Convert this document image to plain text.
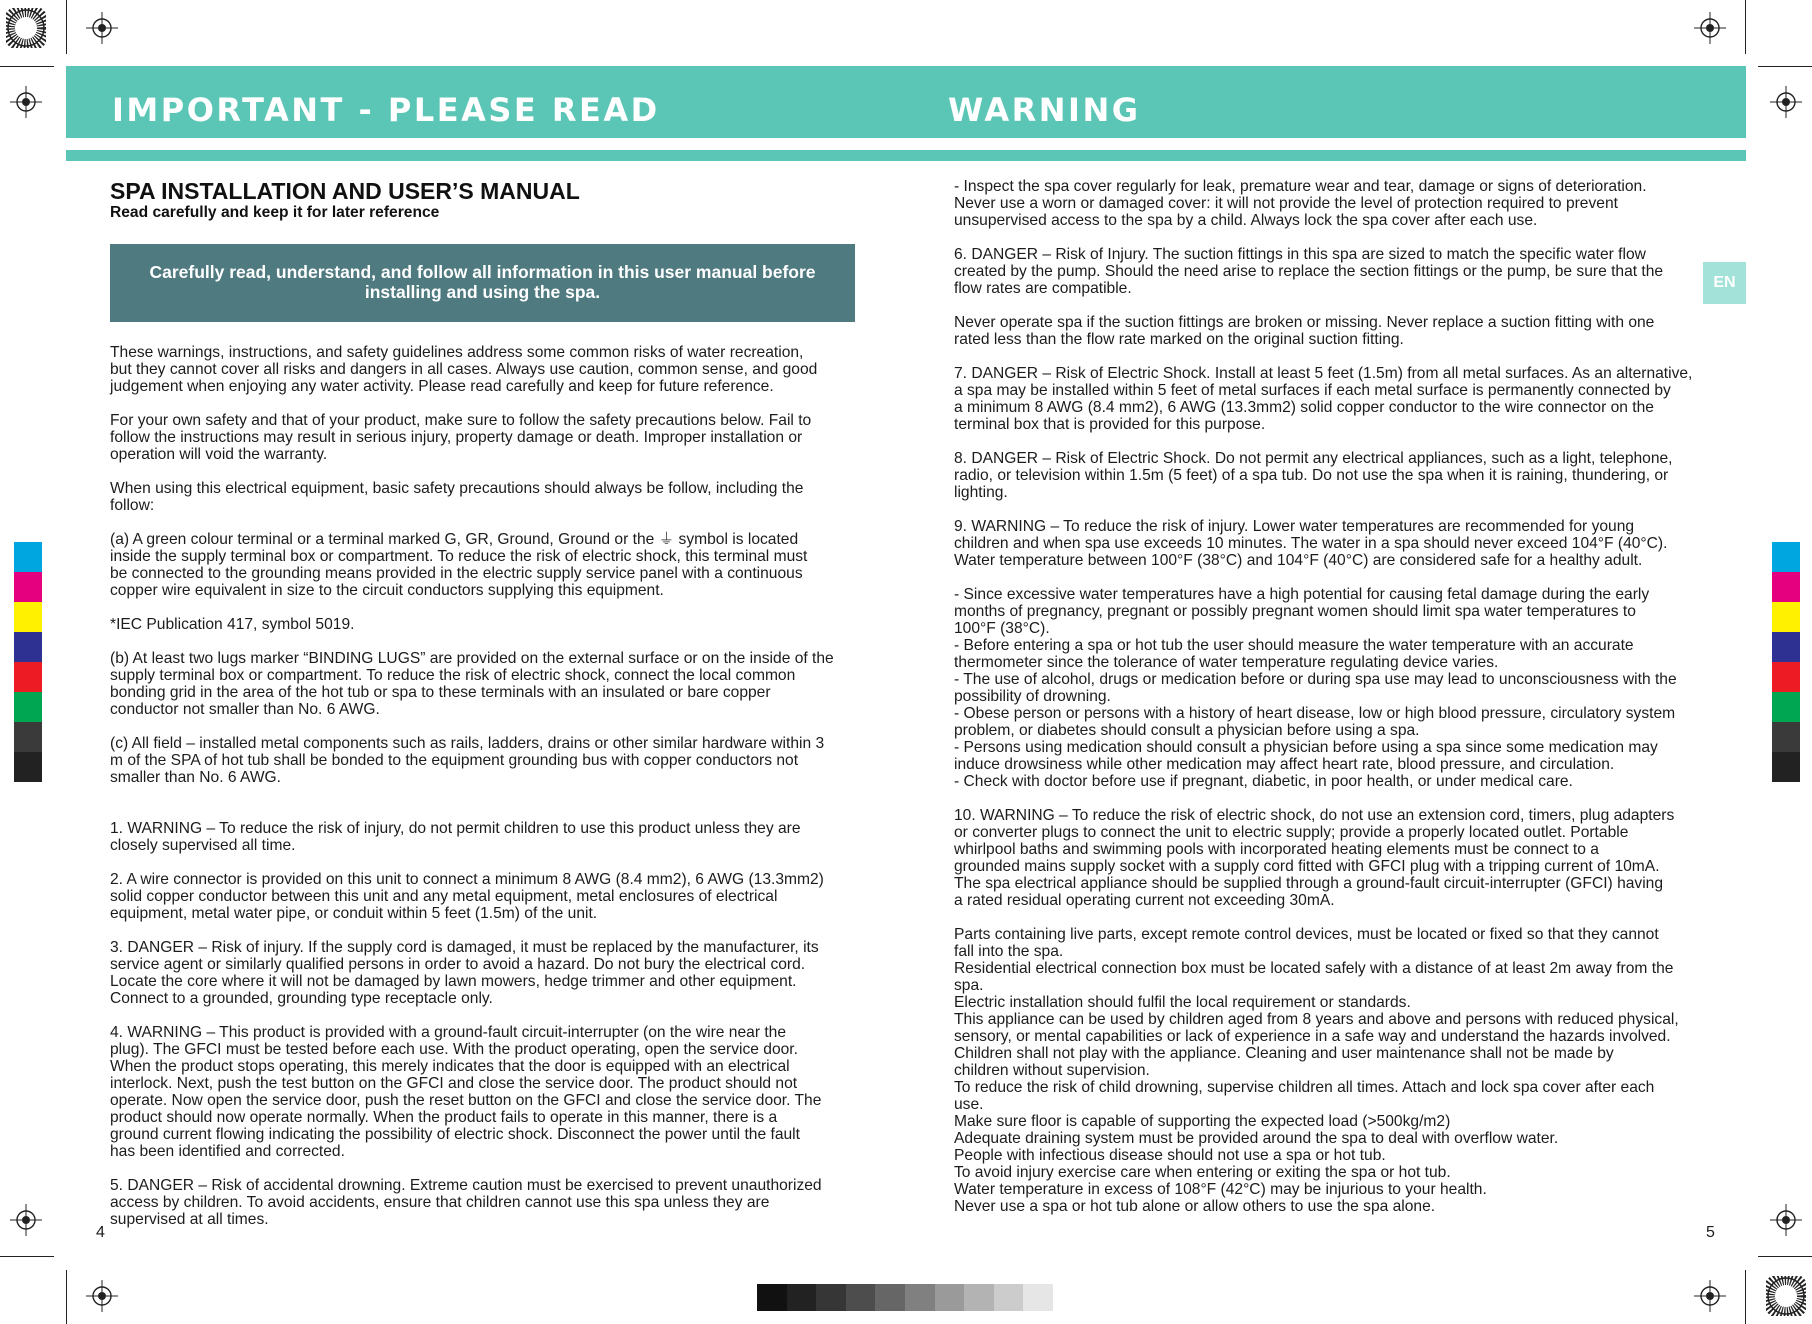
IMPORTANT - PLEASE READ	WARNING
EN
SPA INSTALLATION AND USER’S MANUAL
Read carefully and keep it for later reference
Carefully read, understand, and follow all information in this user manual before installing and using the spa.

These warnings, instructions, and safety guidelines address some common risks of water recreation,
but they cannot cover all risks and dangers in all cases. Always use caution, common sense, and good
judgement when enjoying any water activity. Please read carefully and keep for future reference.

For your own safety and that of your product, make sure to follow the safety precautions below. Fail to
follow the instructions may result in serious injury, property damage or death. Improper installation or
operation will void the warranty.

When using this electrical equipment, basic safety precautions should always be follow, including the
follow:

(a) A green colour terminal or a terminal marked G, GR, Ground, Ground or the ⏚ symbol is located
inside the supply terminal box or compartment. To reduce the risk of electric shock, this terminal must
be connected to the grounding means provided in the electric supply service panel with a continuous
copper wire equivalent in size to the circuit conductors supplying this equipment.

*IEC Publication 417, symbol 5019.

(b) At least two lugs marker “BINDING LUGS” are provided on the external surface or on the inside of the
supply terminal box or compartment. To reduce the risk of electric shock, connect the local common
bonding grid in the area of the hot tub or spa to these terminals with an insulated or bare copper
conductor not smaller than No. 6 AWG.

(c) All field – installed metal components such as rails, ladders, drains or other similar hardware within 3
m of the SPA of hot tub shall be bonded to the equipment grounding bus with copper conductors not
smaller than No. 6 AWG.

1. WARNING – To reduce the risk of injury, do not permit children to use this product unless they are
closely supervised all time.

2. A wire connector is provided on this unit to connect a minimum 8 AWG (8.4 mm2), 6 AWG (13.3mm2)
solid copper conductor between this unit and any metal equipment, metal enclosures of electrical
equipment, metal water pipe, or conduit within 5 feet (1.5m) of the unit.

3. DANGER – Risk of injury. If the supply cord is damaged, it must be replaced by the manufacturer, its
service agent or similarly qualified persons in order to avoid a hazard. Do not bury the electrical cord.
Locate the core where it will not be damaged by lawn mowers, hedge trimmer and other equipment.
Connect to a grounded, grounding type receptacle only.

4. WARNING – This product is provided with a ground-fault circuit-interrupter (on the wire near the
plug). The GFCI must be tested before each use. With the product operating, open the service door.
When the product stops operating, this merely indicates that the door is equipped with an electrical
interlock. Next, push the test button on the GFCI and close the service door. The product should not
operate. Now open the service door, push the reset button on the GFCI and close the service door. The
product should now operate normally. When the product fails to operate in this manner, there is a
ground current flowing indicating the possibility of electric shock. Disconnect the power until the fault
has been identified and corrected.

5. DANGER – Risk of accidental drowning. Extreme caution must be exercised to prevent unauthorized
access by children. To avoid accidents, ensure that children cannot use this spa unless they are
supervised at all times.

- Inspect the spa cover regularly for leak, premature wear and tear, damage or signs of deterioration.
Never use a worn or damaged cover: it will not provide the level of protection required to prevent
unsupervised access to the spa by a child. Always lock the spa cover after each use.

6. DANGER – Risk of Injury. The suction fittings in this spa are sized to match the specific water flow
created by the pump. Should the need arise to replace the section fittings or the pump, be sure that the
flow rates are compatible.

Never operate spa if the suction fittings are broken or missing. Never replace a suction fitting with one
rated less than the flow rate marked on the original suction fitting.

7. DANGER – Risk of Electric Shock. Install at least 5 feet (1.5m) from all metal surfaces. As an alternative,
a spa may be installed within 5 feet of metal surfaces if each metal surface is permanently connected by
a minimum 8 AWG (8.4 mm2), 6 AWG (13.3mm2) solid copper conductor to the wire connector on the
terminal box that is provided for this purpose.

8. DANGER – Risk of Electric Shock. Do not permit any electrical appliances, such as a light, telephone,
radio, or television within 1.5m (5 feet) of a spa tub. Do not use the spa when it is raining, thundering, or
lighting.

9. WARNING – To reduce the risk of injury. Lower water temperatures are recommended for young
children and when spa use exceeds 10 minutes. The water in a spa should never exceed 104°F (40°C).
Water temperature between 100°F (38°C) and 104°F (40°C) are considered safe for a healthy adult.

- Since excessive water temperatures have a high potential for causing fetal damage during the early
months of pregnancy, pregnant or possibly pregnant women should limit spa water temperatures to
100°F (38°C).
- Before entering a spa or hot tub the user should measure the water temperature with an accurate
thermometer since the tolerance of water temperature regulating device varies.
- The use of alcohol, drugs or medication before or during spa use may lead to unconsciousness with the
possibility of drowning.
- Obese person or persons with a history of heart disease, low or high blood pressure, circulatory system
problem, or diabetes should consult a physician before using a spa.
- Persons using medication should consult a physician before using a spa since some medication may
induce drowsiness while other medication may affect heart rate, blood pressure, and circulation.
- Check with doctor before use if pregnant, diabetic, in poor health, or under medical care.

10. WARNING – To reduce the risk of electric shock, do not use an extension cord, timers, plug adapters
or converter plugs to connect the unit to electric supply; provide a properly located outlet. Portable
whirlpool baths and swimming pools with incorporated heating elements must be connect to a
grounded mains supply socket with a supply cord fitted with GFCI plug with a tripping current of 10mA.
The spa electrical appliance should be supplied through a ground-fault circuit-interrupter (GFCI) having
a rated residual operating current not exceeding 30mA.

Parts containing live parts, except remote control devices, must be located or fixed so that they cannot
fall into the spa.
Residential electrical connection box must be located safely with a distance of at least 2m away from the
spa.
Electric installation should fulfil the local requirement or standards.
This appliance can be used by children aged from 8 years and above and persons with reduced physical,
sensory, or mental capabilities or lack of experience in a safe way and understand the hazards involved.
Children shall not play with the appliance. Cleaning and user maintenance shall not be made by
children without supervision.
To reduce the risk of child drowning, supervise children all times. Attach and lock spa cover after each
use.
Make sure floor is capable of supporting the expected load (>500kg/m2)
Adequate draining system must be provided around the spa to deal with overflow water.
People with infectious disease should not use a spa or hot tub.
To avoid injury exercise care when entering or exiting the spa or hot tub.
Water temperature in excess of 108°F (42°C) may be injurious to your health.
Never use a spa or hot tub alone or allow others to use the spa alone.

4	5
